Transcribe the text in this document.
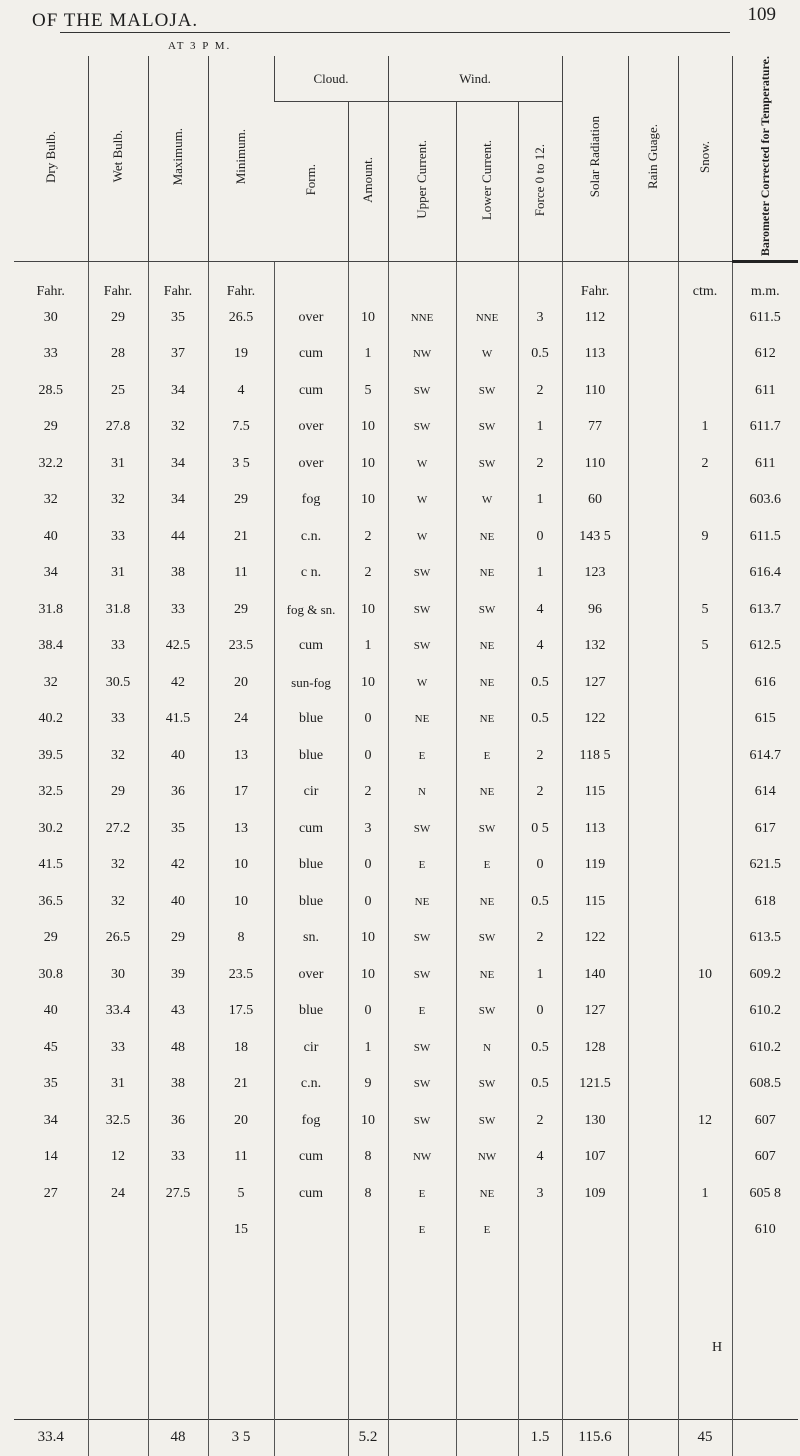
OF THE MALOJA.	109
AT 3 P M.
Dry Bulb.	Wet Bulb.	Maximum.	Minimum.	Cloud.		Wind.			Solar Radiation	Rain Guage.	Snow.	Barometer Corrected for Temperature.
				Form.	Amount.	Upper Current.	Lower Current.	Force 0 to 12.				
Fahr.	Fahr.	Fahr.	Fahr.						Fahr.		ctm.	m.m.
30	29	35	26.5	over	10	NNE	NNE	3	112			611.5
33	28	37	19	cum	1	NW	W	0.5	113			612
28.5	25	34	4	cum	5	SW	SW	2	110			611
29	27.8	32	7.5	over	10	SW	SW	1	77		1	611.7
32.2	31	34	3 5	over	10	W	SW	2	110		2	611
32	32	34	29	fog	10	W	W	1	60			603.6
40	33	44	21	c.n.	2	W	NE	0	143 5		9	611.5
34	31	38	11	c n.	2	SW	NE	1	123			616.4
31.8	31.8	33	29	fog & sn.	10	SW	SW	4	96		5	613.7
38.4	33	42.5	23.5	cum	1	SW	NE	4	132		5	612.5
32	30.5	42	20	sun-fog	10	W	NE	0.5	127			616
40.2	33	41.5	24	blue	0	NE	NE	0.5	122			615
39.5	32	40	13	blue	0	E	E	2	118 5			614.7
32.5	29	36	17	cir	2	N	NE	2	115			614
30.2	27.2	35	13	cum	3	SW	SW	0 5	113			617
41.5	32	42	10	blue	0	E	E	0	119			621.5
36.5	32	40	10	blue	0	NE	NE	0.5	115			618
29	26.5	29	8	sn.	10	SW	SW	2	122			613.5
30.8	30	39	23.5	over	10	SW	NE	1	140		10	609.2
40	33.4	43	17.5	blue	0	E	SW	0	127			610.2
45	33	48	18	cir	1	SW	N	0.5	128			610.2
35	31	38	21	c.n.	9	SW	SW	0.5	121.5			608.5
34	32.5	36	20	fog	10	SW	SW	2	130		12	607
14	12	33	11	cum	8	NW	NW	4	107			607
27	24	27.5	5	cum	8	E	NE	3	109		1	605 8
			15			E	E					610

33.4		48	3 5		5.2			1.5	115.6		45	
H
